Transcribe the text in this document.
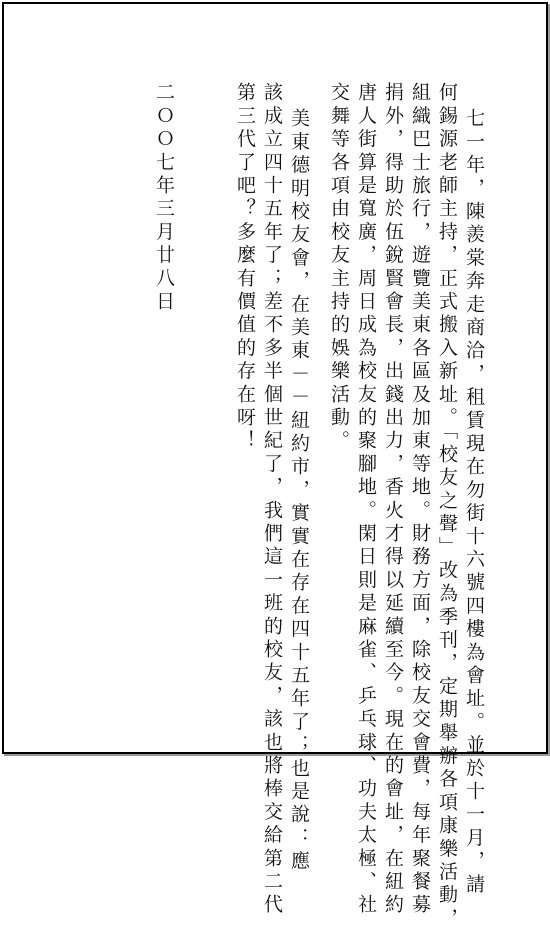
七一年，陳羨棠奔走商洽，租賃現在勿街十六號四樓為會址。並於十一月，請
何錫源老師主持，正式搬入新址。「校友之聲」改為季刊，定期舉辦各項康樂活動，
組織巴士旅行，遊覽美東各區及加東等地。財務方面，除校友交會費，每年聚餐募
捐外，得助於伍銳賢會長，出錢出力，香火才得以延續至今。現在的會址，在紐約
唐人街算是寬廣，周日成為校友的聚腳地。閑日則是麻雀、乒乓球、功夫太極、社
交舞等各項由校友主持的娛樂活動。
美東德明校友會，在美東－－紐約市，實實在存在四十五年了；也是說：應
該成立四十五年了；差不多半個世紀了，我們這一班的校友，該也將棒交給第二代
第三代了吧？多麼有價值的存在呀！
二ＯＯ七年三月廿八日
